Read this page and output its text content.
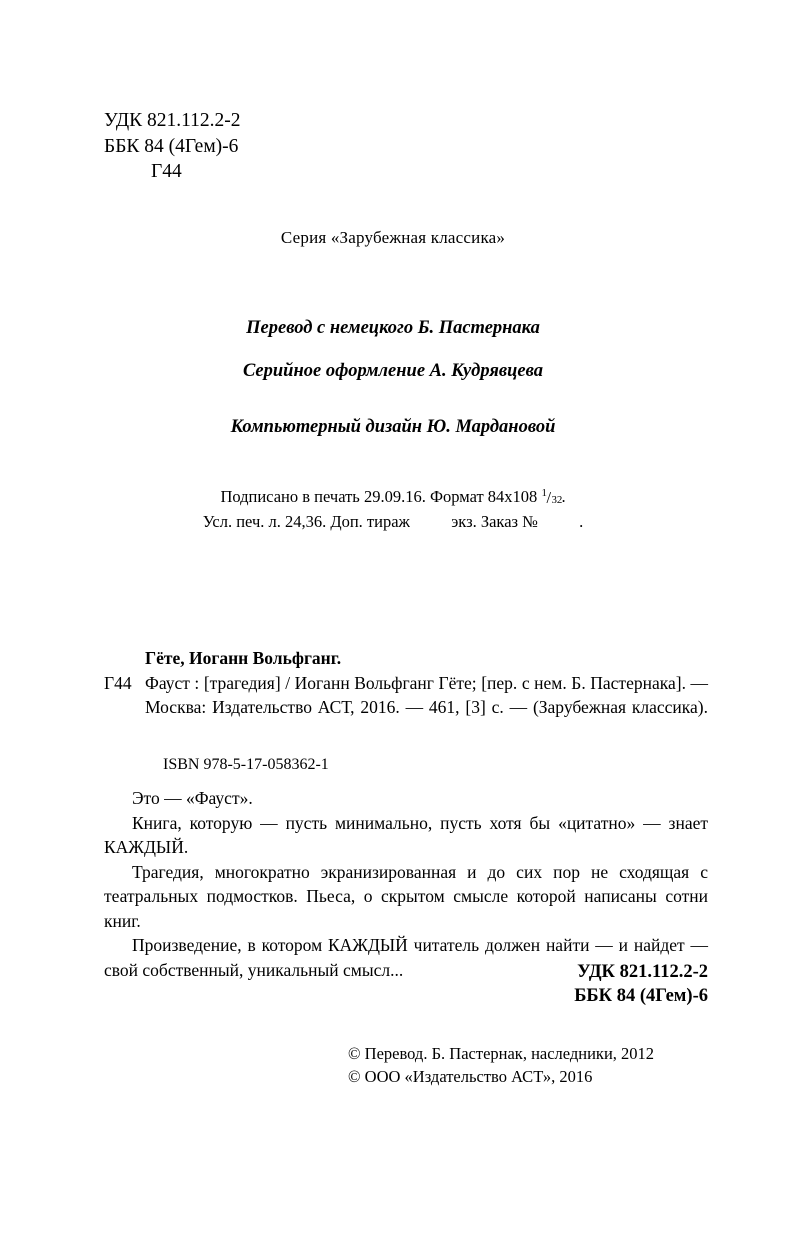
УДК 821.112.2-2
ББК 84 (4Гем)-6
Г44
Серия «Зарубежная классика»
Перевод с немецкого Б. Пастернака
Серийное оформление А. Кудрявцева
Компьютерный дизайн Ю. Мардановой
Подписано в печать 29.09.16. Формат 84х108 1 / 32 .
Усл. печ. л. 24,36. Доп. тираж          экз. Заказ №          .
Гёте, Иоганн Вольфганг.
Г44 Фауст : [трагедия] / Иоганн Вольфганг Гёте; [пер. с нем. Б. Пастернака]. — Москва: Издательство АСТ, 2016. — 461, [3] с. — (Зарубежная классика).
ISBN 978-5-17-058362-1

Это — «Фауст».

Книга, которую — пусть минимально, пусть хотя бы «цитатно» — знает КАЖДЫЙ.

Трагедия, многократно экранизированная и до сих пор не сходящая с театральных подмостков. Пьеса, о скрытом смысле которой написаны сотни книг.

Произведение, в котором КАЖДЫЙ читатель должен найти — и найдет — свой собственный, уникальный смысл...	УДК 821.112.2-2
ББК 84 (4Гем)-6
© Перевод. Б. Пастернак, наследники, 2012
© ООО «Издательство АСТ», 2016
